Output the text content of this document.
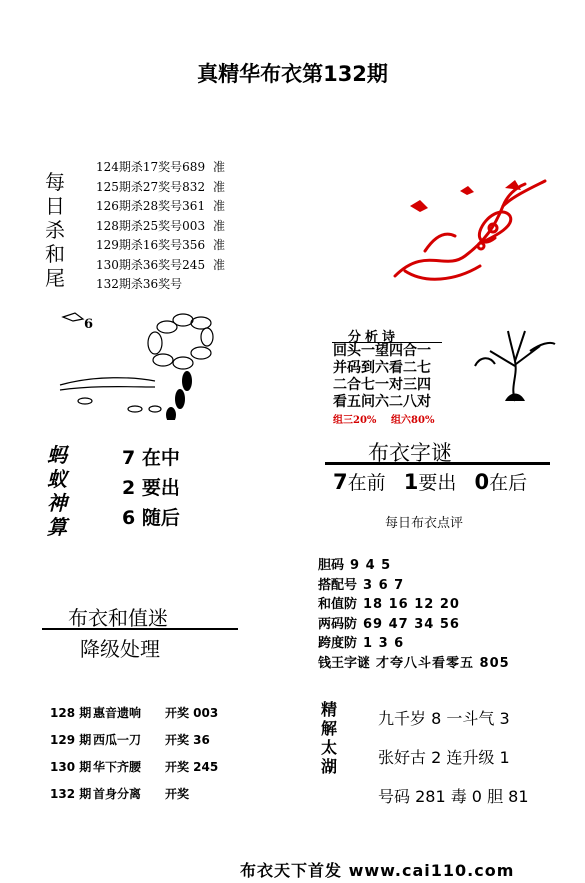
真精华布衣第132期
每
日
杀
和
尾
124期杀17奖号689 准
125期杀27奖号832 准
126期杀28奖号361 准
128期杀25奖号003 准
129期杀16奖号356 准
130期杀36奖号245 准
132期杀36奖号
6
分析诗
回头一望四合一
并码到六看二七
二合七一对三四
看五问六二八对
组三20% 组六80%
蚂
蚁
神
算
7 在中
2 要出
6 随后
布衣字谜
7在前 1要出 0在后
每日布衣点评
胆码 9 4 5
搭配号 3 6 7
和值防 18 16 12 20
两码防 69 47 34 56
跨度防 1 3 6
钱王字谜 才夸八斗看零五 805
布衣和值迷
降级处理
128 期 惠音遗响	开奖 003
129 期 西瓜一刀	开奖 36
130 期 华下齐腰	开奖 245
132 期 首身分离	开奖
精
解
太
湖
九千岁 8 一斗气 3
张好古 2 连升级 1
号码 281 毒 0 胆 81
布衣天下首发 www.cai110.com
